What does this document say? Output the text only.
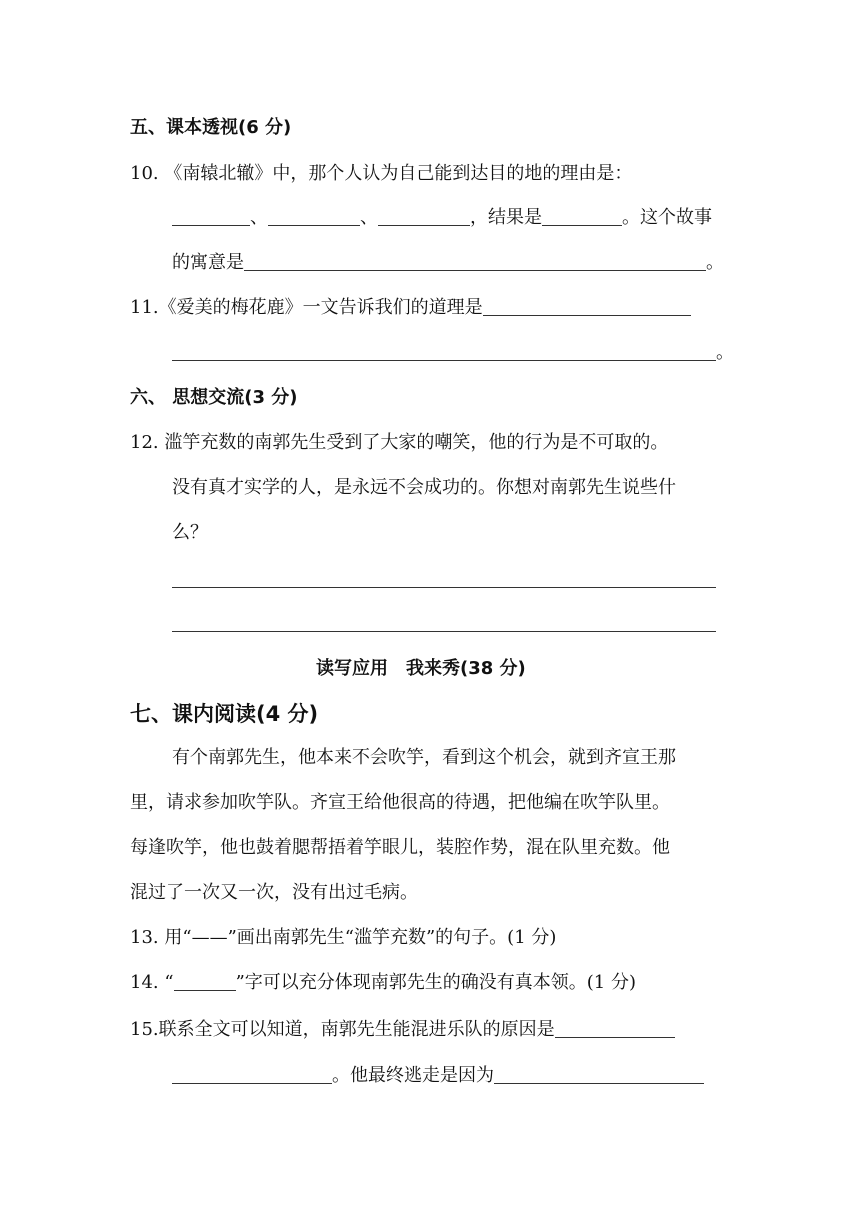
五、课本透视(6 分)
10. 《南辕北辙》中，那个人认为自己能到达目的地的理由是：
、	、	，结果是	。这个故事
的寓意是	。
11.《爱美的梅花鹿》一文告诉我们的道理是
。
六、 思想交流(3 分)
12. 滥竽充数的南郭先生受到了大家的嘲笑，他的行为是不可取的。
没有真才实学的人，是永远不会成功的。你想对南郭先生说些什
么？
读写应用　我来秀(38 分)
七、课内阅读(4 分)
有个南郭先生，他本来不会吹竽，看到这个机会，就到齐宣王那
里，请求参加吹竽队。齐宣王给他很高的待遇，把他编在吹竽队里。
每逢吹竽，他也鼓着腮帮捂着竽眼儿，装腔作势，混在队里充数。他
混过了一次又一次，没有出过毛病。
13. 用“——”画出南郭先生“滥竽充数”的句子。(1 分)
14. “	”字可以充分体现南郭先生的确没有真本领。(1 分)
15.联系全文可以知道，南郭先生能混进乐队的原因是
。他最终逃走是因为
